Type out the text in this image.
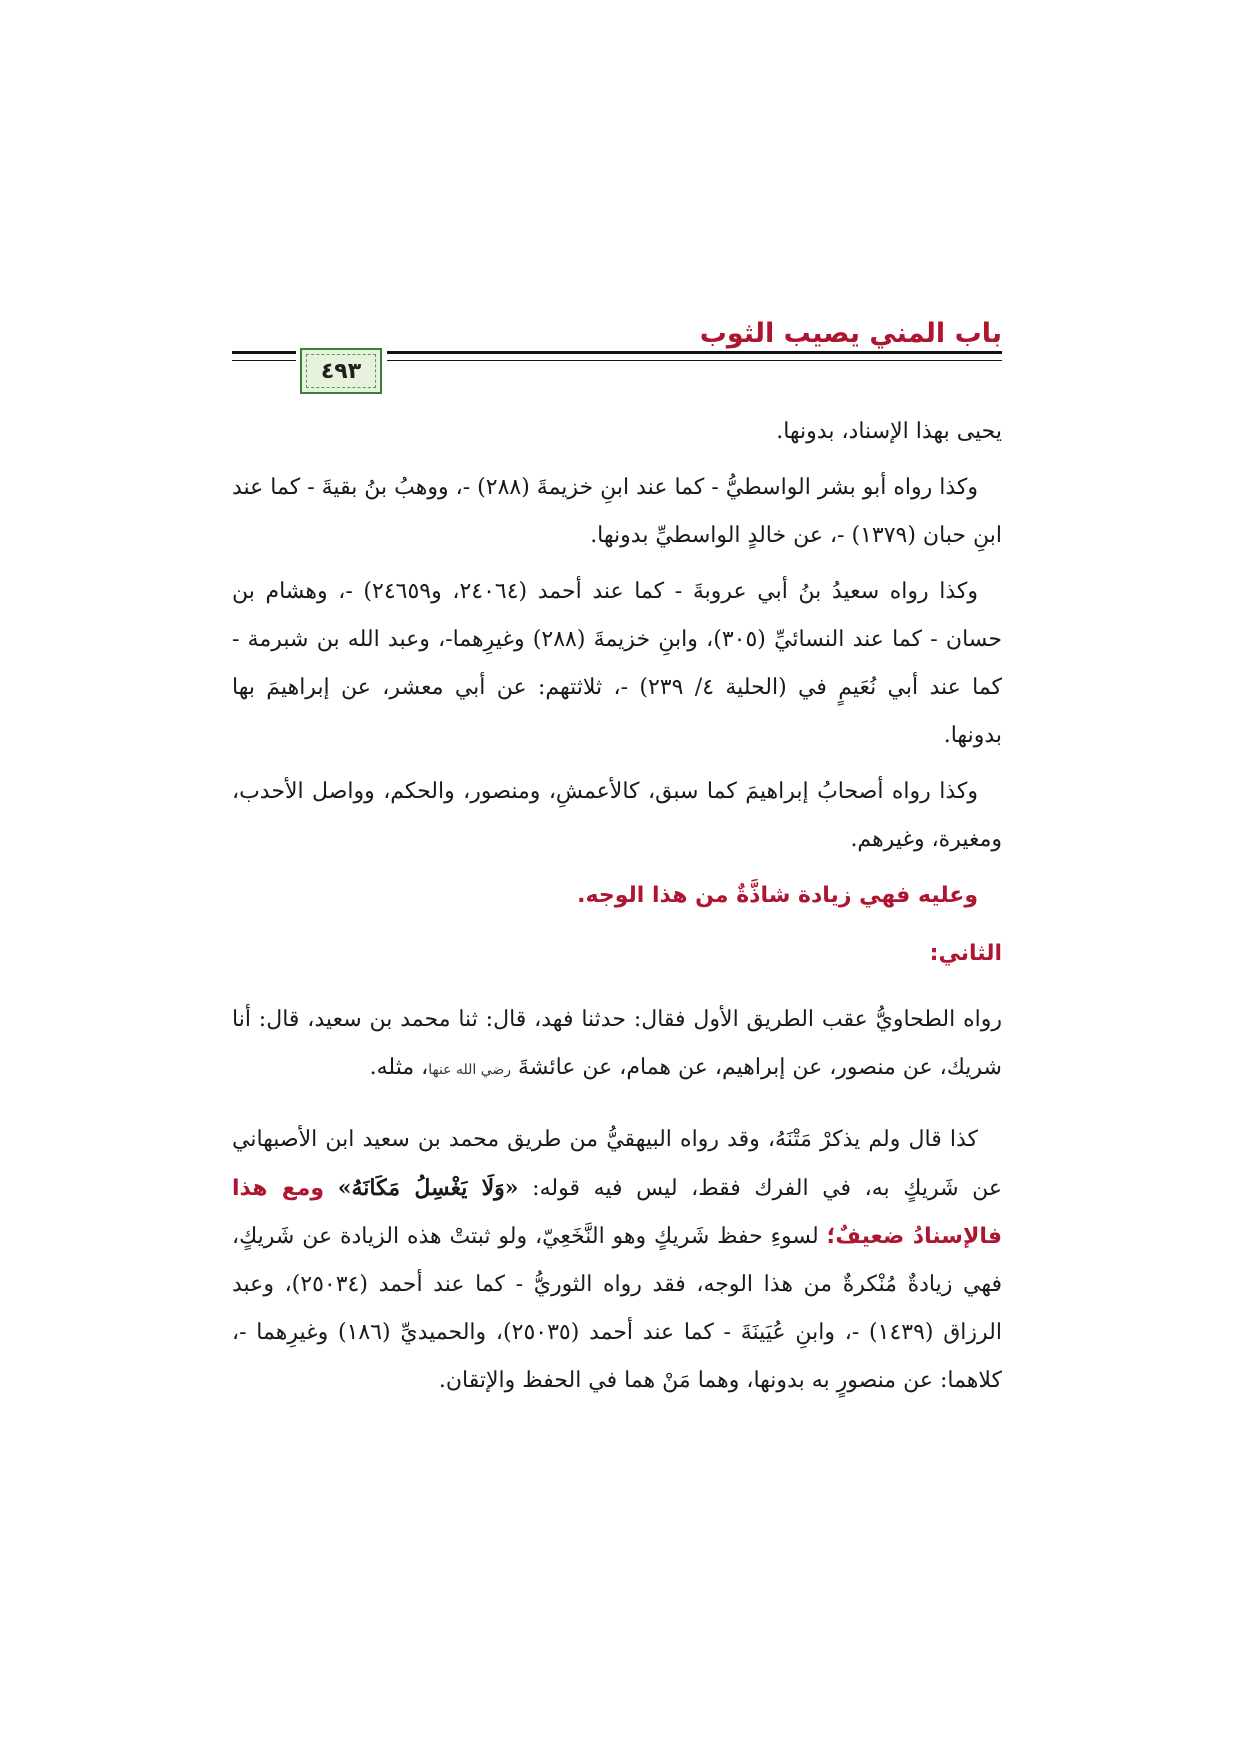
باب المني يصيب الثوب
٤٩٣

يحيى بهذا الإسناد، بدونها.

وكذا رواه أبو بشر الواسطيُّ - كما عند ابنِ خزيمةَ (٢٨٨) -، ووهبُ بنُ بقيةَ - كما عند ابنِ حبان (١٣٧٩) -، عن خالدٍ الواسطيِّ بدونها.

وكذا رواه سعيدُ بنُ أبي عروبةَ - كما عند أحمد (٢٤٠٦٤، و٢٤٦٥٩) -، وهشام بن حسان - كما عند النسائيِّ (٣٠٥)، وابنِ خزيمةَ (٢٨٨) وغيرِهما-، وعبد الله بن شبرمة - كما عند أبي نُعَيمٍ في (الحلية ٤/ ٢٣٩) -، ثلاثتهم: عن أبي معشر، عن إبراهيمَ بها بدونها.

وكذا رواه أصحابُ إبراهيمَ كما سبق، كالأعمشِ، ومنصور، والحكم، وواصل الأحدب، ومغيرة، وغيرهم.

وعليه فهي زيادة شاذَّةٌ من هذا الوجه.

الثاني:

رواه الطحاويُّ عقب الطريق الأول فقال: حدثنا فهد، قال: ثنا محمد بن سعيد، قال: أنا شريك، عن منصور، عن إبراهيم، عن همام، عن عائشةَ رضي الله عنها، مثله.

كذا قال ولم يذكرْ مَتْنَهُ، وقد رواه البيهقيُّ من طريق محمد بن سعيد ابن الأصبهاني عن شَريكٍ به، في الفرك فقط، ليس فيه قوله: «وَلَا يَغْسِلُ مَكَانَهُ» ومع هذا فالإسنادُ ضعيفٌ؛ لسوءِ حفظ شَريكٍ وهو النَّخَعِيّ، ولو ثبتتْ هذه الزيادة عن شَريكٍ، فهي زيادةٌ مُنْكرةٌ من هذا الوجه، فقد رواه الثوريُّ - كما عند أحمد (٢٥٠٣٤)، وعبد الرزاق (١٤٣٩) -، وابنِ عُيَينَةَ - كما عند أحمد (٢٥٠٣٥)، والحميديِّ (١٨٦) وغيرِهما -، كلاهما: عن منصورٍ به بدونها، وهما مَنْ هما في الحفظ والإتقان.
